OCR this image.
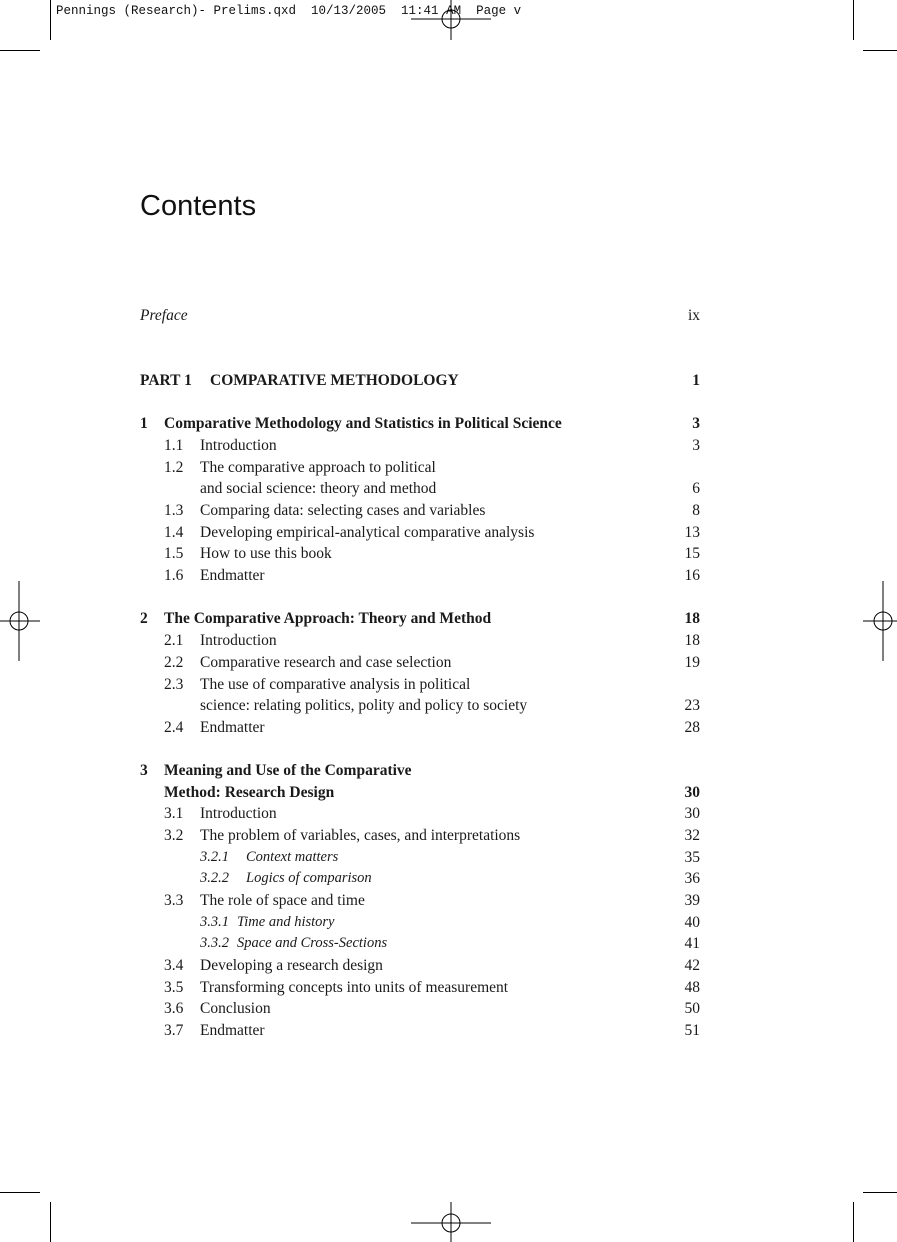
Pennings (Research)- Prelims.qxd  10/13/2005  11:41 AM  Page v
Contents
Preface	ix
PART 1 COMPARATIVE METHODOLOGY	1
1 Comparative Methodology and Statistics in Political Science	3
1.1 Introduction	3
1.2 The comparative approach to political
and social science: theory and method	6
1.3 Comparing data: selecting cases and variables	8
1.4 Developing empirical-analytical comparative analysis	13
1.5 How to use this book	15
1.6 Endmatter	16
2 The Comparative Approach: Theory and Method	18
2.1 Introduction	18
2.2 Comparative research and case selection	19
2.3 The use of comparative analysis in political
science: relating politics, polity and policy to society	23
2.4 Endmatter	28
3 Meaning and Use of the Comparative
Method: Research Design	30
3.1 Introduction	30
3.2 The problem of variables, cases, and interpretations	32
3.2.1 Context matters	35
3.2.2 Logics of comparison	36
3.3 The role of space and time	39
3.3.1 Time and history	40
3.3.2 Space and Cross-Sections	41
3.4 Developing a research design	42
3.5 Transforming concepts into units of measurement	48
3.6 Conclusion	50
3.7 Endmatter	51
